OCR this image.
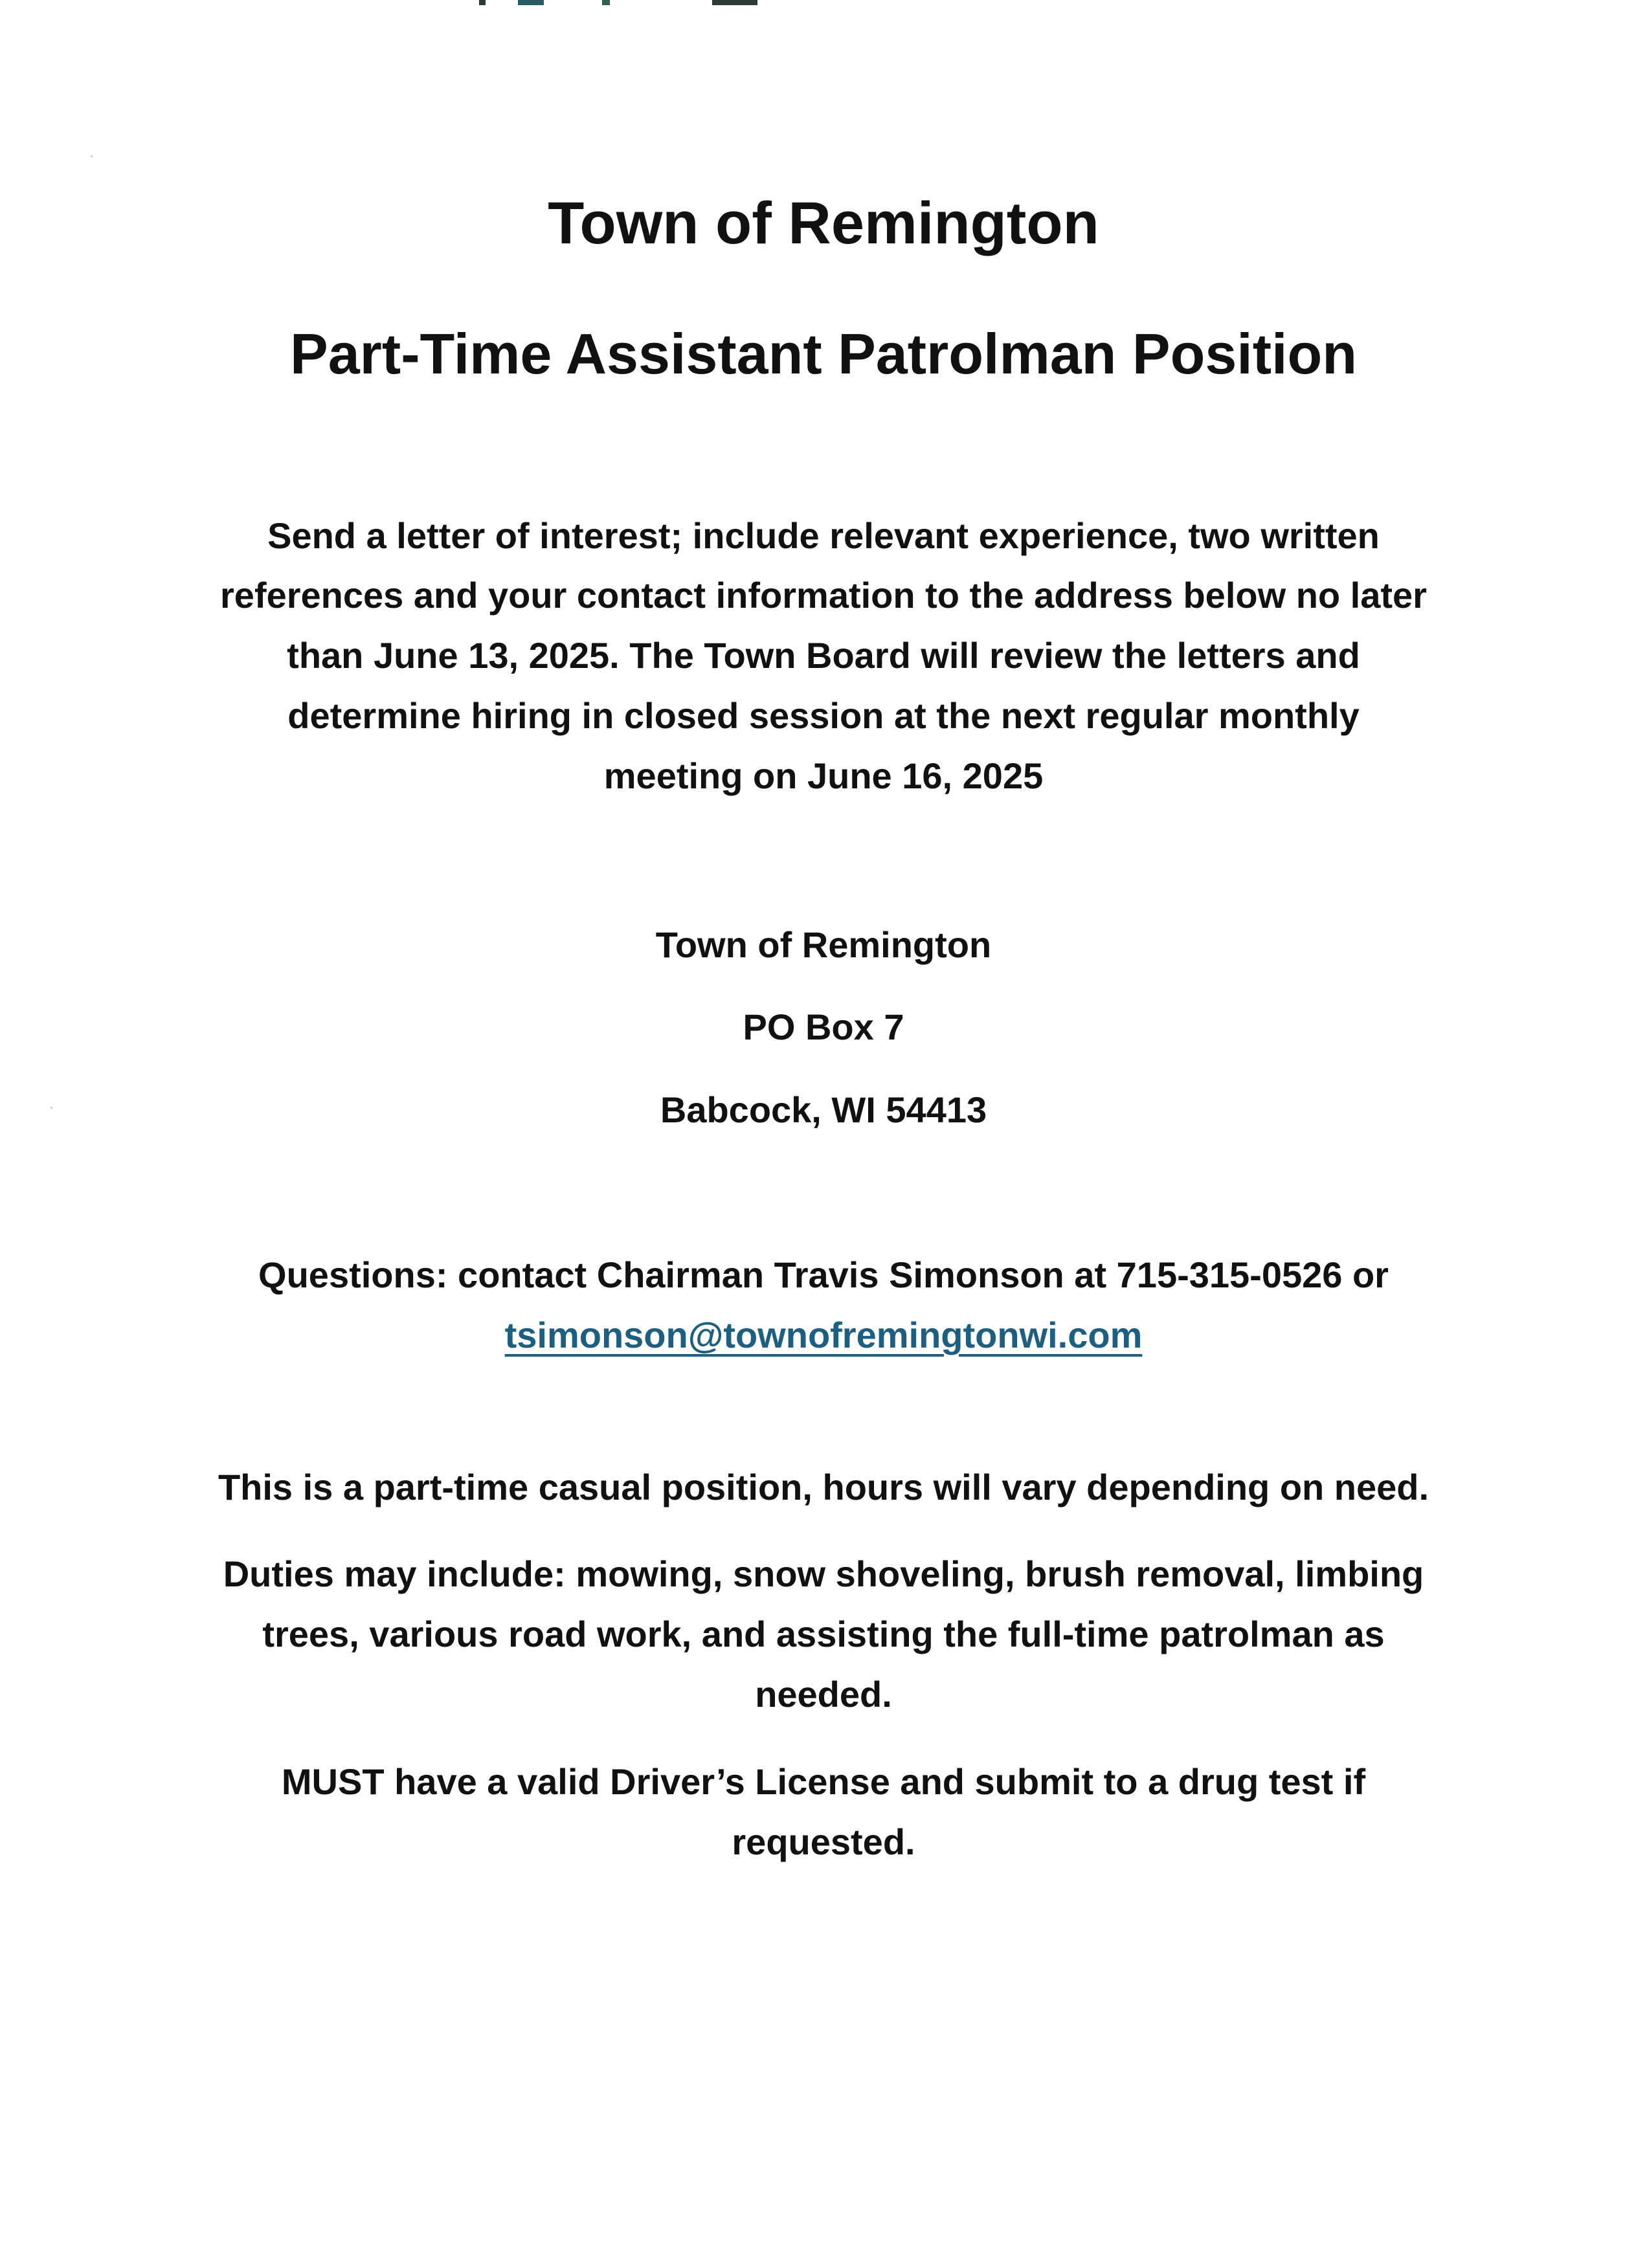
Town of Remington
Part-Time Assistant Patrolman Position
Send a letter of interest; include relevant experience, two written
references and your contact information to the address below no later
than June 13, 2025. The Town Board will review the letters and
determine hiring in closed session at the next regular monthly
meeting on June 16, 2025
Town of Remington
PO Box 7
Babcock, WI 54413
Questions: contact Chairman Travis Simonson at 715-315-0526 or
tsimonson@townofremingtonwi.com
This is a part-time casual position, hours will vary depending on need.
Duties may include: mowing, snow shoveling, brush removal, limbing
trees, various road work, and assisting the full-time patrolman as
needed.
MUST have a valid Driver’s License and submit to a drug test if
requested.
